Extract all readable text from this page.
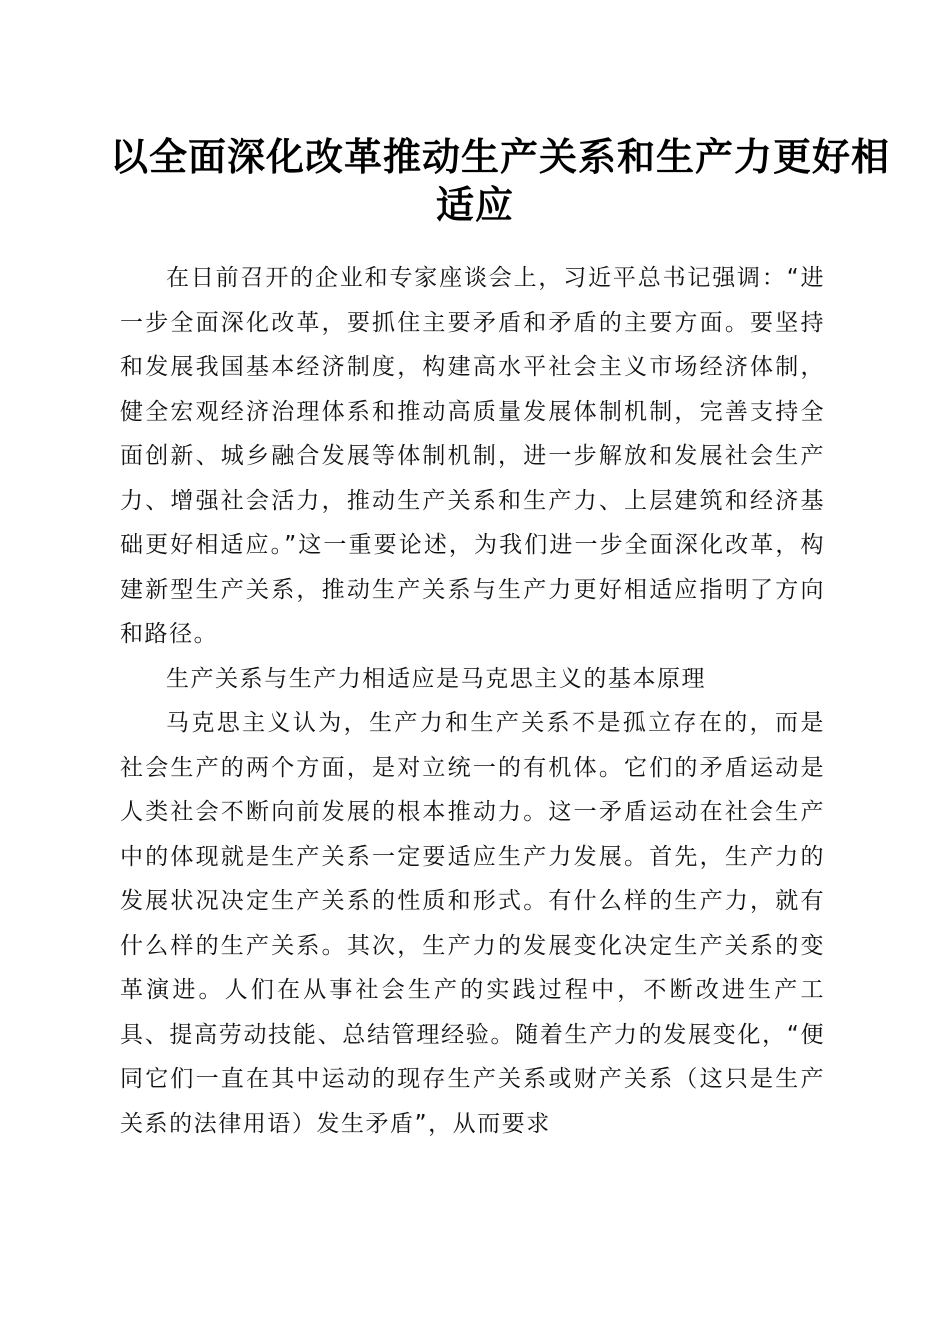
以全面深化改革推动生产关系和生产力更好相
适应

在日前召开的企业和专家座谈会上，习近平总书记强调：“进一步全面深化改革，要抓住主要矛盾和矛盾的主要方面。要坚持和发展我国基本经济制度，构建高水平社会主义市场经济体制，健全宏观经济治理体系和推动高质量发展体制机制，完善支持全面创新、城乡融合发展等体制机制，进一步解放和发展社会生产力、增强社会活力，推动生产关系和生产力、上层建筑和经济基础更好相适应。”这一重要论述，为我们进一步全面深化改革，构建新型生产关系，推动生产关系与生产力更好相适应指明了方向和路径。

生产关系与生产力相适应是马克思主义的基本原理

马克思主义认为，生产力和生产关系不是孤立存在的，而是社会生产的两个方面，是对立统一的有机体。它们的矛盾运动是人类社会不断向前发展的根本推动力。这一矛盾运动在社会生产中的体现就是生产关系一定要适应生产力发展。首先，生产力的发展状况决定生产关系的性质和形式。有什么样的生产力，就有什么样的生产关系。其次，生产力的发展变化决定生产关系的变革演进。人们在从事社会生产的实践过程中，不断改进生产工具、提高劳动技能、总结管理经验。随着生产力的发展变化，“便同它们一直在其中运动的现存生产关系或财产关系（这只是生产关系的法律用语）发生矛盾”，从而要求
